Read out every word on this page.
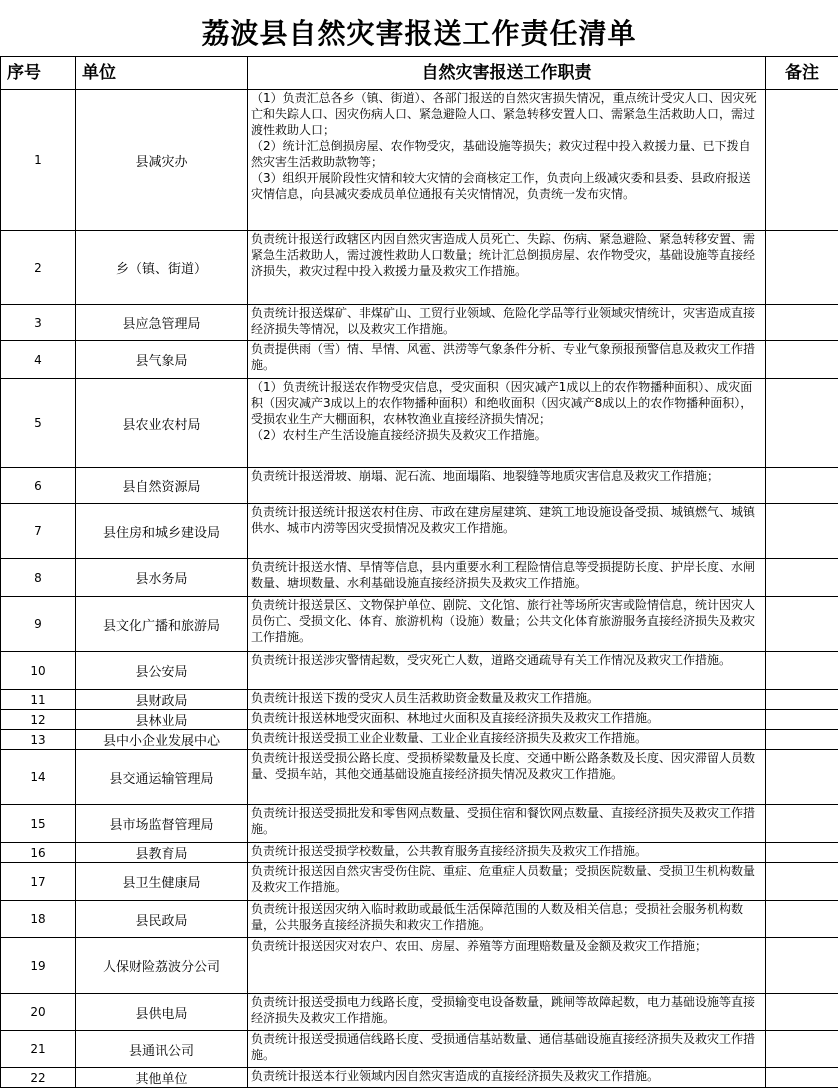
荔波县自然灾害报送工作责任清单
序号	单位	自然灾害报送工作职责	备注
1	县减灾办	（1）负责汇总各乡（镇、街道）、各部门报送的自然灾害损失情况，重点统计受灾人口、因灾死亡和失踪人口、因灾伤病人口、紧急避险人口、紧急转移安置人口、需紧急生活救助人口，需过渡性救助人口；
（2）统计汇总倒损房屋、农作物受灾，基础设施等损失；救灾过程中投入救援力量、已下拨自然灾害生活救助款物等；
（3）组织开展阶段性灾情和较大灾情的会商核定工作，负责向上级减灾委和县委、县政府报送灾情信息，向县减灾委成员单位通报有关灾情情况，负责统一发布灾情。	
2	乡（镇、街道）	负责统计报送行政辖区内因自然灾害造成人员死亡、失踪、伤病、紧急避险、紧急转移安置、需紧急生活救助人，需过渡性救助人口数量；统计汇总倒损房屋、农作物受灾，基础设施等直接经济损失，救灾过程中投入救援力量及救灾工作措施。	
3	县应急管理局	负责统计报送煤矿、非煤矿山、工贸行业领域、危险化学品等行业领域灾情统计，灾害造成直接经济损失等情况，以及救灾工作措施。	
4	县气象局	负责提供雨（雪）情、旱情、风雹、洪涝等气象条件分析、专业气象预报预警信息及救灾工作措施。	
5	县农业农村局	（1）负责统计报送农作物受灾信息，受灾面积（因灾减产1成以上的农作物播种面积）、成灾面积（因灾减产3成以上的农作物播种面积）和绝收面积（因灾减产8成以上的农作物播种面积），受损农业生产大棚面积，农林牧渔业直接经济损失情况；
（2）农村生产生活设施直接经济损失及救灾工作措施。	
6	县自然资源局	负责统计报送滑坡、崩塌、泥石流、地面塌陷、地裂缝等地质灾害信息及救灾工作措施；	
7	县住房和城乡建设局	负责统计报送统计报送农村住房、市政在建房屋建筑、建筑工地设施设备受损、城镇燃气、城镇供水、城市内涝等因灾受损情况及救灾工作措施。	
8	县水务局	负责统计报送水情、旱情等信息，县内重要水利工程险情信息等受损提防长度、护岸长度、水闸数量、塘坝数量、水利基础设施直接经济损失及救灾工作措施。	
9	县文化广播和旅游局	负责统计报送景区、文物保护单位、剧院、文化馆、旅行社等场所灾害或险情信息，统计因灾人员伤亡、受损文化、体育、旅游机构（设施）数量；公共文化体育旅游服务直接经济损失及救灾工作措施。	
10	县公安局	负责统计报送涉灾警情起数，受灾死亡人数，道路交通疏导有关工作情况及救灾工作措施。	
11	县财政局	负责统计报送下拨的受灾人员生活救助资金数量及救灾工作措施。	
12	县林业局	负责统计报送林地受灾面积、林地过火面积及直接经济损失及救灾工作措施。	
13	县中小企业发展中心	负责统计报送受损工业企业数量、工业企业直接经济损失及救灾工作措施。	
14	县交通运输管理局	负责统计报送受损公路长度、受损桥梁数量及长度、交通中断公路条数及长度、因灾滞留人员数量、受损车站，其他交通基础设施直接经济损失情况及救灾工作措施。	
15	县市场监督管理局	负责统计报送受损批发和零售网点数量、受损住宿和餐饮网点数量、直接经济损失及救灾工作措施。	
16	县教育局	负责统计报送受损学校数量，公共教育服务直接经济损失及救灾工作措施。	
17	县卫生健康局	负责统计报送因自然灾害受伤住院、重症、危重症人员数量；受损医院数量、受损卫生机构数量及救灾工作措施。	
18	县民政局	负责统计报送因灾纳入临时救助或最低生活保障范围的人数及相关信息；受损社会服务机构数量，公共服务直接经济损失和救灾工作措施。	
19	人保财险荔波分公司	负责统计报送因灾对农户、农田、房屋、养殖等方面理赔数量及金额及救灾工作措施；	
20	县供电局	负责统计报送受损电力线路长度，受损输变电设备数量，跳闸等故障起数，电力基础设施等直接经济损失及救灾工作措施。	
21	县通讯公司	负责统计报送受损通信线路长度、受损通信基站数量、通信基础设施直接经济损失及救灾工作措施。	
22	其他单位	负责统计报送本行业领域内因自然灾害造成的直接经济损失及救灾工作措施。	
